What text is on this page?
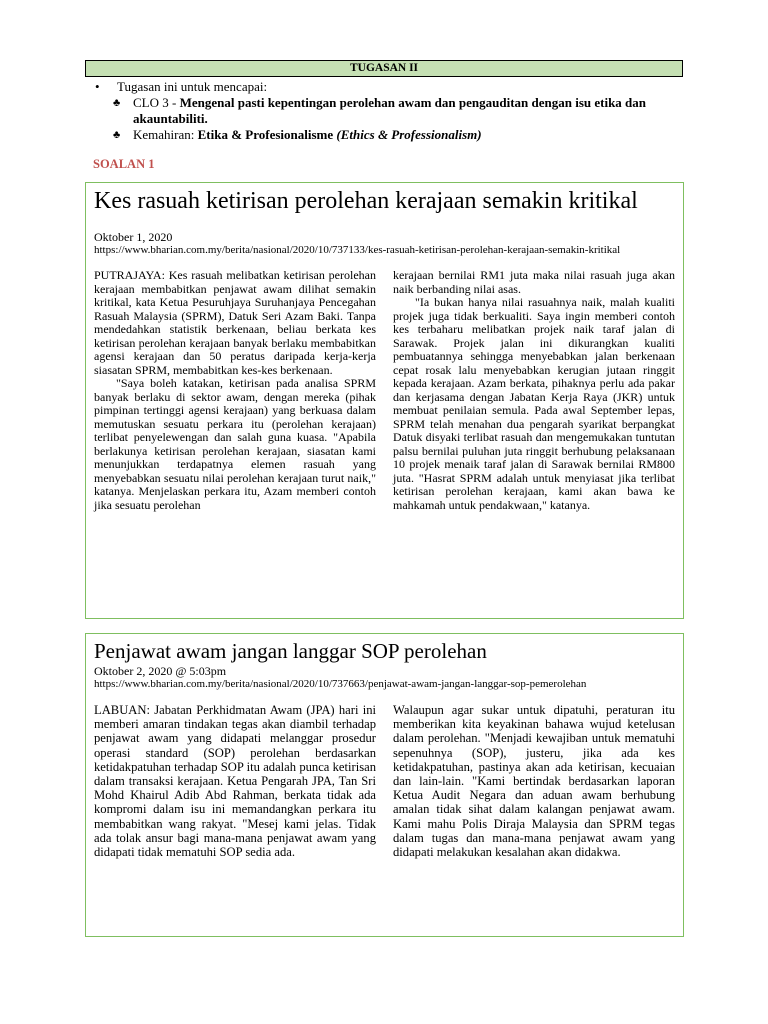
TUGASAN II
• Tugasan ini untuk mencapai:
♣ CLO 3 - Mengenal pasti kepentingan perolehan awam dan pengauditan dengan isu etika dan akauntabiliti.
♣ Kemahiran: Etika & Profesionalisme (Ethics & Professionalism)
SOALAN 1
Kes rasuah ketirisan perolehan kerajaan semakin kritikal
Oktober 1, 2020
https://www.bharian.com.my/berita/nasional/2020/10/737133/kes-rasuah-ketirisan-perolehan-kerajaan-semakin-kritikal

PUTRAJAYA: Kes rasuah melibatkan ketirisan perolehan kerajaan membabitkan penjawat awam dilihat semakin kritikal, kata Ketua Pesuruhjaya Suruhanjaya Pencegahan Rasuah Malaysia (SPRM), Datuk Seri Azam Baki. Tanpa mendedahkan statistik berkenaan, beliau berkata kes ketirisan perolehan kerajaan banyak berlaku membabitkan agensi kerajaan dan 50 peratus daripada kerja-kerja siasatan SPRM, membabitkan kes-kes berkenaan.

"Saya boleh katakan, ketirisan pada analisa SPRM banyak berlaku di sektor awam, dengan mereka (pihak pimpinan tertinggi agensi kerajaan) yang berkuasa dalam memutuskan sesuatu perkara itu (perolehan kerajaan) terlibat penyelewengan dan salah guna kuasa. "Apabila berlakunya ketirisan perolehan kerajaan, siasatan kami menunjukkan terdapatnya elemen rasuah yang menyebabkan sesuatu nilai perolehan kerajaan turut naik," katanya. Menjelaskan perkara itu, Azam memberi contoh jika sesuatu perolehan

kerajaan bernilai RM1 juta maka nilai rasuah juga akan naik berbanding nilai asas.

"Ia bukan hanya nilai rasuahnya naik, malah kualiti projek juga tidak berkualiti. Saya ingin memberi contoh kes terbaharu melibatkan projek naik taraf jalan di Sarawak. Projek jalan ini dikurangkan kualiti pembuatannya sehingga menyebabkan jalan berkenaan cepat rosak lalu menyebabkan kerugian jutaan ringgit kepada kerajaan. Azam berkata, pihaknya perlu ada pakar dan kerjasama dengan Jabatan Kerja Raya (JKR) untuk membuat penilaian semula. Pada awal September lepas, SPRM telah menahan dua pengarah syarikat berpangkat Datuk disyaki terlibat rasuah dan mengemukakan tuntutan palsu bernilai puluhan juta ringgit berhubung pelaksanaan 10 projek menaik taraf jalan di Sarawak bernilai RM800 juta. "Hasrat SPRM adalah untuk menyiasat jika terlibat ketirisan perolehan kerajaan, kami akan bawa ke mahkamah untuk pendakwaan," katanya.

Penjawat awam jangan langgar SOP perolehan
Oktober 2, 2020 @ 5:03pm
https://www.bharian.com.my/berita/nasional/2020/10/737663/penjawat-awam-jangan-langgar-sop-pemerolehan

LABUAN: Jabatan Perkhidmatan Awam (JPA) hari ini memberi amaran tindakan tegas akan diambil terhadap penjawat awam yang didapati melanggar prosedur operasi standard (SOP) perolehan berdasarkan ketidakpatuhan terhadap SOP itu adalah punca ketirisan dalam transaksi kerajaan. Ketua Pengarah JPA, Tan Sri Mohd Khairul Adib Abd Rahman, berkata tidak ada kompromi dalam isu ini memandangkan perkara itu membabitkan wang rakyat. "Mesej kami jelas. Tidak ada tolak ansur bagi mana-mana penjawat awam yang didapati tidak mematuhi SOP sedia ada.

Walaupun agar sukar untuk dipatuhi, peraturan itu memberikan kita keyakinan bahawa wujud ketelusan dalam perolehan. "Menjadi kewajiban untuk mematuhi sepenuhnya (SOP), justeru, jika ada kes ketidakpatuhan, pastinya akan ada ketirisan, kecuaian dan lain-lain. "Kami bertindak berdasarkan laporan Ketua Audit Negara dan aduan awam berhubung amalan tidak sihat dalam kalangan penjawat awam. Kami mahu Polis Diraja Malaysia dan SPRM tegas dalam tugas dan mana-mana penjawat awam yang didapati melakukan kesalahan akan didakwa.
